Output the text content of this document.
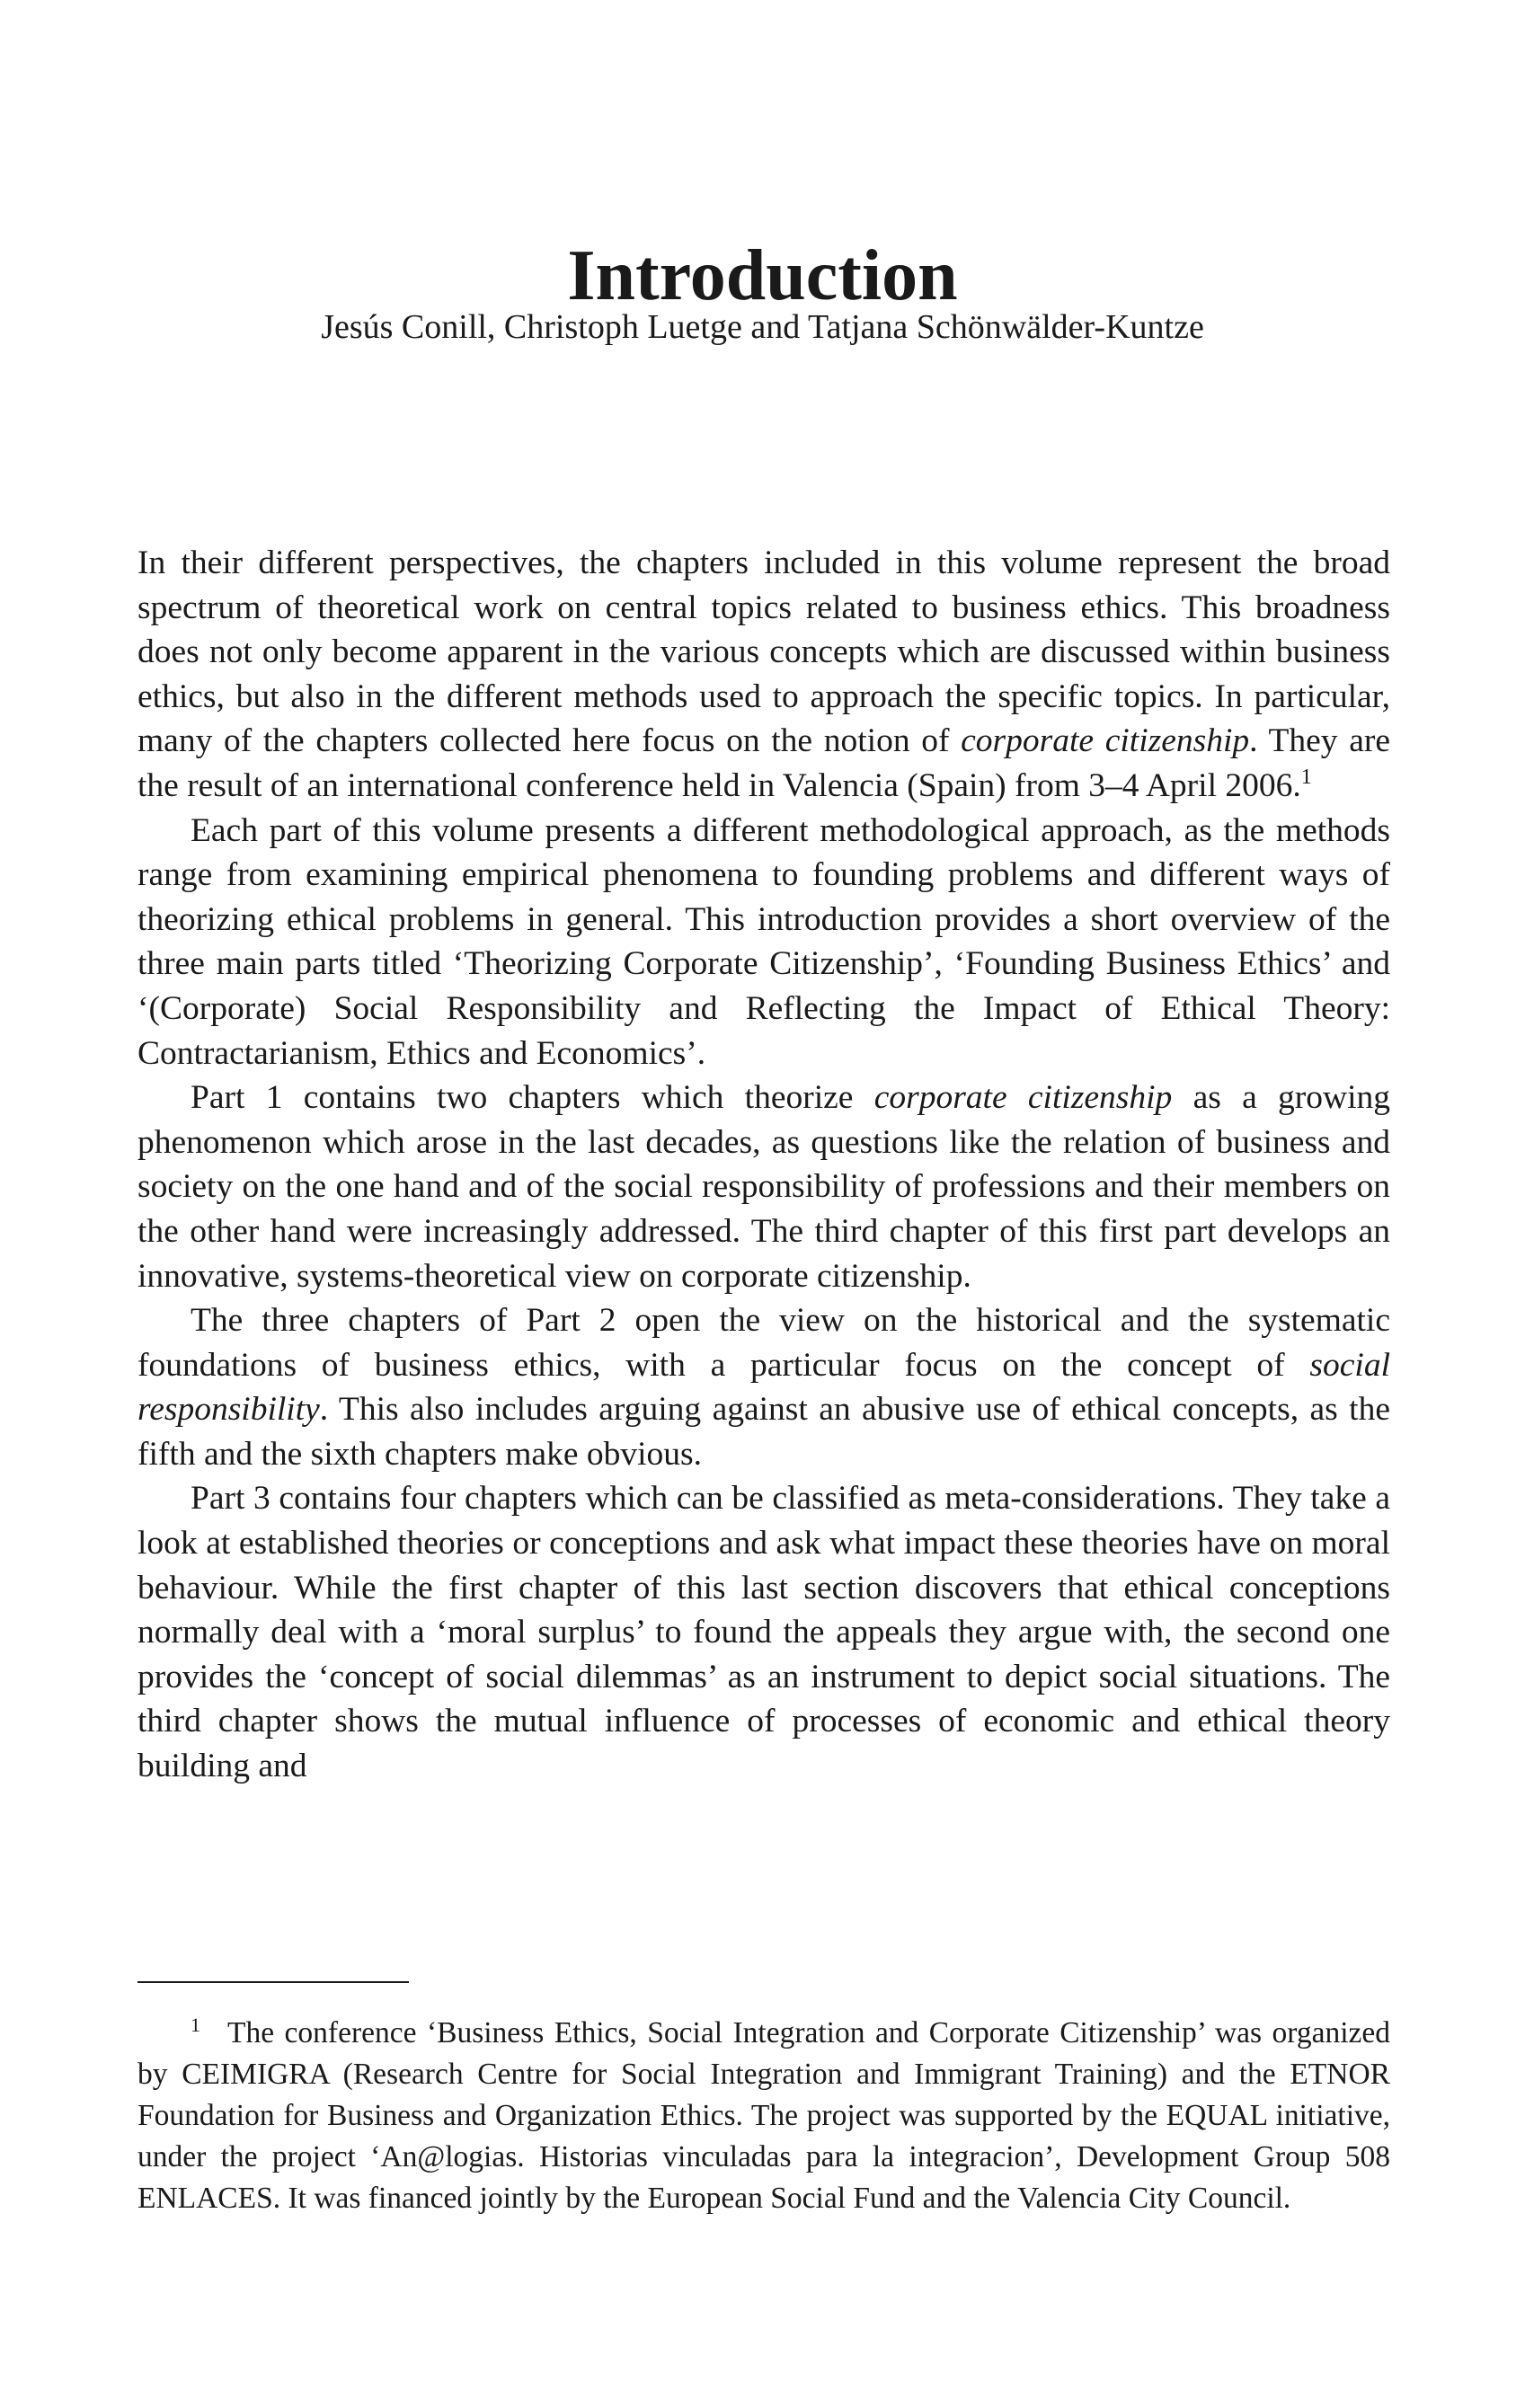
Introduction
Jesús Conill, Christoph Luetge and Tatjana Schönwälder-Kuntze

In their different perspectives, the chapters included in this volume represent the broad spectrum of theoretical work on central topics related to business ethics. This broadness does not only become apparent in the various concepts which are discussed within business ethics, but also in the different methods used to approach the specific topics. In particular, many of the chapters collected here focus on the notion of corporate citizenship. They are the result of an international conference held in Valencia (Spain) from 3–4 April 2006.$^1$

Each part of this volume presents a different methodological approach, as the methods range from examining empirical phenomena to founding problems and different ways of theorizing ethical problems in general. This introduction provides a short overview of the three main parts titled ‘Theorizing Corporate Citizenship’, ‘Founding Business Ethics’ and ‘(Corporate) Social Responsibility and Reflecting the Impact of Ethical Theory: Contractarianism, Ethics and Economics’.

Part 1 contains two chapters which theorize corporate citizenship as a growing phenomenon which arose in the last decades, as questions like the relation of business and society on the one hand and of the social responsibility of professions and their members on the other hand were increasingly addressed. The third chapter of this first part develops an innovative, systems-theoretical view on corporate citizenship.

The three chapters of Part 2 open the view on the historical and the systematic foundations of business ethics, with a particular focus on the concept of social responsibility. This also includes arguing against an abusive use of ethical concepts, as the fifth and the sixth chapters make obvious.

Part 3 contains four chapters which can be classified as meta-considerations. They take a look at established theories or conceptions and ask what impact these theories have on moral behaviour. While the first chapter of this last section discovers that ethical conceptions normally deal with a ‘moral surplus’ to found the appeals they argue with, the second one provides the ‘concept of social dilemmas’ as an instrument to depict social situations. The third chapter shows the mutual influence of processes of economic and ethical theory building and

$^1$ The conference ‘Business Ethics, Social Integration and Corporate Citizenship’ was organized by CEIMIGRA (Research Centre for Social Integration and Immigrant Training) and the ETNOR Foundation for Business and Organization Ethics. The project was supported by the EQUAL initiative, under the project ‘An@logias. Historias vinculadas para la integracion’, Development Group 508 ENLACES. It was financed jointly by the European Social Fund and the Valencia City Council.
